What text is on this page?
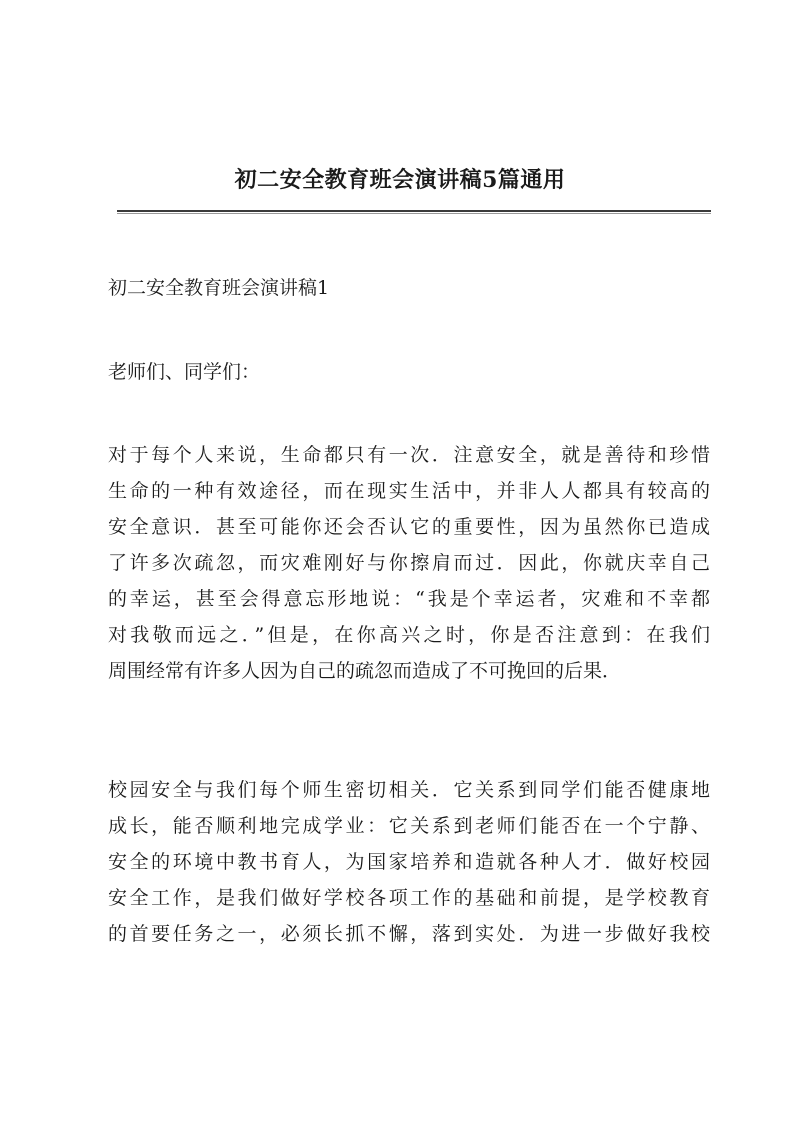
初二安全教育班会演讲稿5篇通用
初二安全教育班会演讲稿1
老师们、同学们：
对于每个人来说，生命都只有一次．注意安全，就是善待和珍惜
生命的一种有效途径，而在现实生活中，并非人人都具有较高的
安全意识．甚至可能你还会否认它的重要性，因为虽然你已造成
了许多次疏忽，而灾难刚好与你擦肩而过．因此，你就庆幸自己
的幸运，甚至会得意忘形地说：“我是个幸运者，灾难和不幸都
对我敬而远之．”但是，在你高兴之时，你是否注意到：在我们
周围经常有许多人因为自己的疏忽而造成了不可挽回的后果．
校园安全与我们每个师生密切相关．它关系到同学们能否健康地
成长，能否顺利地完成学业：它关系到老师们能否在一个宁静、
安全的环境中教书育人，为国家培养和造就各种人才．做好校园
安全工作，是我们做好学校各项工作的基础和前提，是学校教育
的首要任务之一，必须长抓不懈，落到实处．为进一步做好我校
